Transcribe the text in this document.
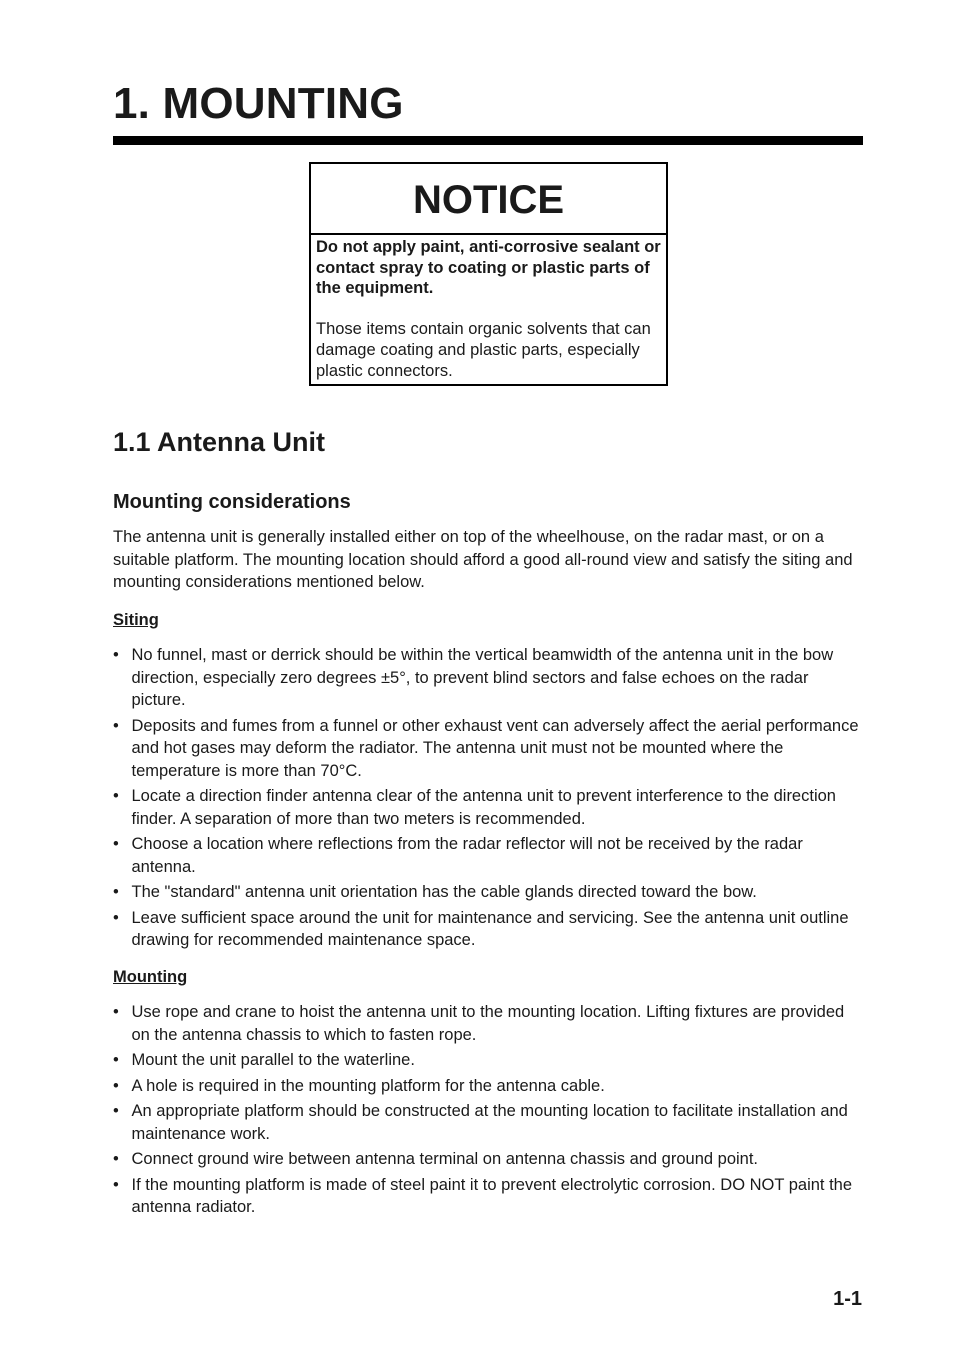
1. MOUNTING
NOTICE

Do not apply paint, anti-corrosive sealant or contact spray to coating or plastic parts of the equipment.

Those items contain organic solvents that can damage coating and plastic parts, especially plastic connectors.

1.1 Antenna Unit
Mounting considerations

The antenna unit is generally installed either on top of the wheelhouse, on the radar mast, or on a suitable platform. The mounting location should afford a good all-round view and satisfy the siting and mounting considerations mentioned below.

Siting
• No funnel, mast or derrick should be within the vertical beamwidth of the antenna unit in the bow direction, especially zero degrees ±5°, to prevent blind sectors and false echoes on the radar picture.
• Deposits and fumes from a funnel or other exhaust vent can adversely affect the aerial performance and hot gases may deform the radiator. The antenna unit must not be mounted where the temperature is more than 70°C.
• Locate a direction finder antenna clear of the antenna unit to prevent interference to the direction finder. A separation of more than two meters is recommended.
• Choose a location where reflections from the radar reflector will not be received by the radar antenna.
• The "standard" antenna unit orientation has the cable glands directed toward the bow.
• Leave sufficient space around the unit for maintenance and servicing. See the antenna unit outline drawing for recommended maintenance space.
Mounting
• Use rope and crane to hoist the antenna unit to the mounting location. Lifting fixtures are provided on the antenna chassis to which to fasten rope.
• Mount the unit parallel to the waterline.
• A hole is required in the mounting platform for the antenna cable.
• An appropriate platform should be constructed at the mounting location to facilitate installation and maintenance work.
• Connect ground wire between antenna terminal on antenna chassis and ground point.
• If the mounting platform is made of steel paint it to prevent electrolytic corrosion. DO NOT paint the antenna radiator.
1-1
